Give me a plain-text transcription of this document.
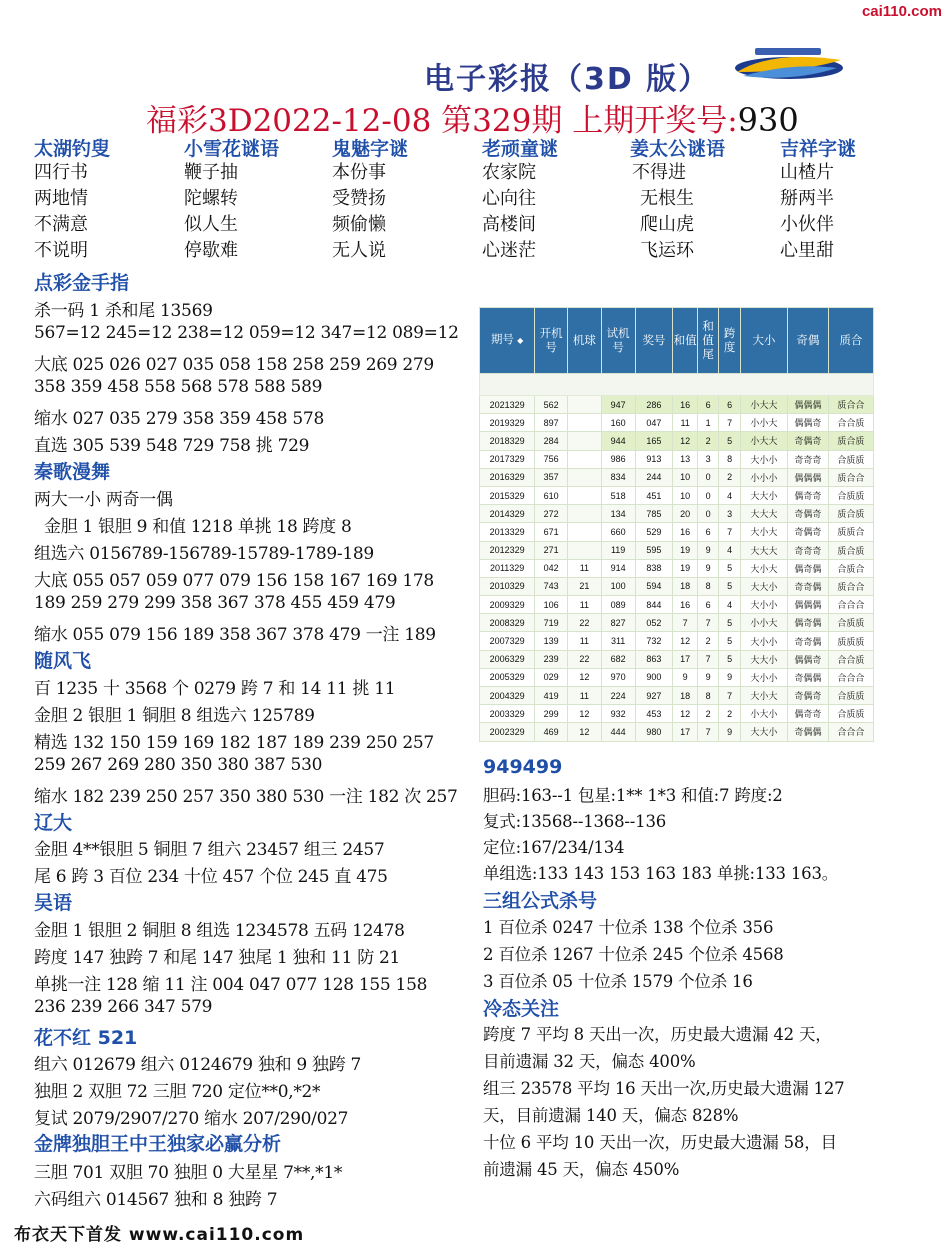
cai110.com
电子彩报（3D 版）
福彩3D2022-12-08 第329期 上期开奖号:930
太湖钓叟
四行书
两地情
不满意
不说明
小雪花谜语
鞭子抽
陀螺转
似人生
停歇难
鬼魅字谜
本份事
受赞扬
频偷懒
无人说
老顽童谜
农家院
心向往
高楼间
心迷茫
姜太公谜语
不得进
无根生
爬山虎
飞运环
吉祥字谜
山楂片
掰两半
小伙伴
心里甜
点彩金手指
杀一码 1 杀和尾 13569
567=12 245=12 238=12 059=12 347=12 089=12
大底 025 026 027 035 058 158 258 259 269 279
358 359 458 558 568 578 588 589
缩水 027 035 279 358 359 458 578
直选 305 539 548 729 758 挑 729
秦歌漫舞
两大一小 两奇一偶
金胆 1 银胆 9 和值 1218 单挑 18 跨度 8
组选六 0156789-156789-15789-1789-189
大底 055 057 059 077 079 156 158 167 169 178
189 259 279 299 358 367 378 455 459 479
缩水 055 079 156 189 358 367 378 479 一注 189
随风飞
百 1235 十 3568 个 0279 跨 7 和 14 11 挑 11
金胆 2 银胆 1 铜胆 8 组选六 125789
精选 132 150 159 169 182 187 189 239 250 257
259 267 269 280 350 380 387 530
缩水 182 239 250 257 350 380 530 一注 182 次 257
辽大
金胆 4**银胆 5 铜胆 7 组六 23457 组三 2457
尾 6 跨 3 百位 234 十位 457 个位 245 直 475
吴语
金胆 1 银胆 2 铜胆 8 组选 1234578 五码 12478
跨度 147 独跨 7 和尾 147 独尾 1 独和 11 防 21
单挑一注 128 缩 11 注 004 047 077 128 155 158
236 239 266 347 579
花不红 521
组六 012679 组六 0124679 独和 9 独跨 7
独胆 2 双胆 72 三胆 720 定位**0,*2*
复试 2079/2907/270 缩水 207/290/027
金牌独胆王中王独家必赢分析
三胆 701 双胆 70 独胆 0 大星星 7**,*1*
六码组六 014567 独和 8 独跨 7
期号 ◆	开机号	机球	试机号	奖号	和值	和值尾	跨度	大小	奇偶	质合

2021329	562		947	286	16	6	6	小大大	偶偶偶	质合合
2019329	897		160	047	11	1	7	小小大	偶偶奇	合合质
2018329	284		944	165	12	2	5	小大大	奇偶奇	质合质
2017329	756		986	913	13	3	8	大小小	奇奇奇	合质质
2016329	357		834	244	10	0	2	小小小	偶偶偶	质合合
2015329	610		518	451	10	0	4	大大小	偶奇奇	合质质
2014329	272		134	785	20	0	3	大大大	奇偶奇	质合质
2013329	671		660	529	16	6	7	大小大	奇偶奇	质质合
2012329	271		119	595	19	9	4	大大大	奇奇奇	质合质
2011329	042	11	914	838	19	9	5	大小大	偶奇偶	合质合
2010329	743	21	100	594	18	8	5	大大小	奇奇偶	质合合
2009329	106	11	089	844	16	6	4	大小小	偶偶偶	合合合
2008329	719	22	827	052	7	7	5	小小大	偶奇偶	合质质
2007329	139	11	311	732	12	2	5	大小小	奇奇偶	质质质
2006329	239	22	682	863	17	7	5	大大小	偶偶奇	合合质
2005329	029	12	970	900	9	9	9	大小小	奇偶偶	合合合
2004329	419	11	224	927	18	8	7	大小大	奇偶奇	合质质
2003329	299	12	932	453	12	2	2	小大小	偶奇奇	合质质
2002329	469	12	444	980	17	7	9	大大小	奇偶偶	合合合
949499
胆码:163--1 包星:1** 1*3 和值:7 跨度:2
复式:13568--1368--136
定位:167/234/134
单组选:133 143 153 163 183 单挑:133 163。
三组公式杀号
1 百位杀 0247 十位杀 138 个位杀 356
2 百位杀 1267 十位杀 245 个位杀 4568
3 百位杀 05 十位杀 1579 个位杀 16
冷态关注
跨度 7 平均 8 天出一次，历史最大遗漏 42 天，
目前遗漏 32 天，偏态 400%
组三 23578 平均 16 天出一次,历史最大遗漏 127
天，目前遗漏 140 天，偏态 828%
十位 6 平均 10 天出一次，历史最大遗漏 58，目
前遗漏 45 天，偏态 450%
布衣天下首发 www.cai110.com
